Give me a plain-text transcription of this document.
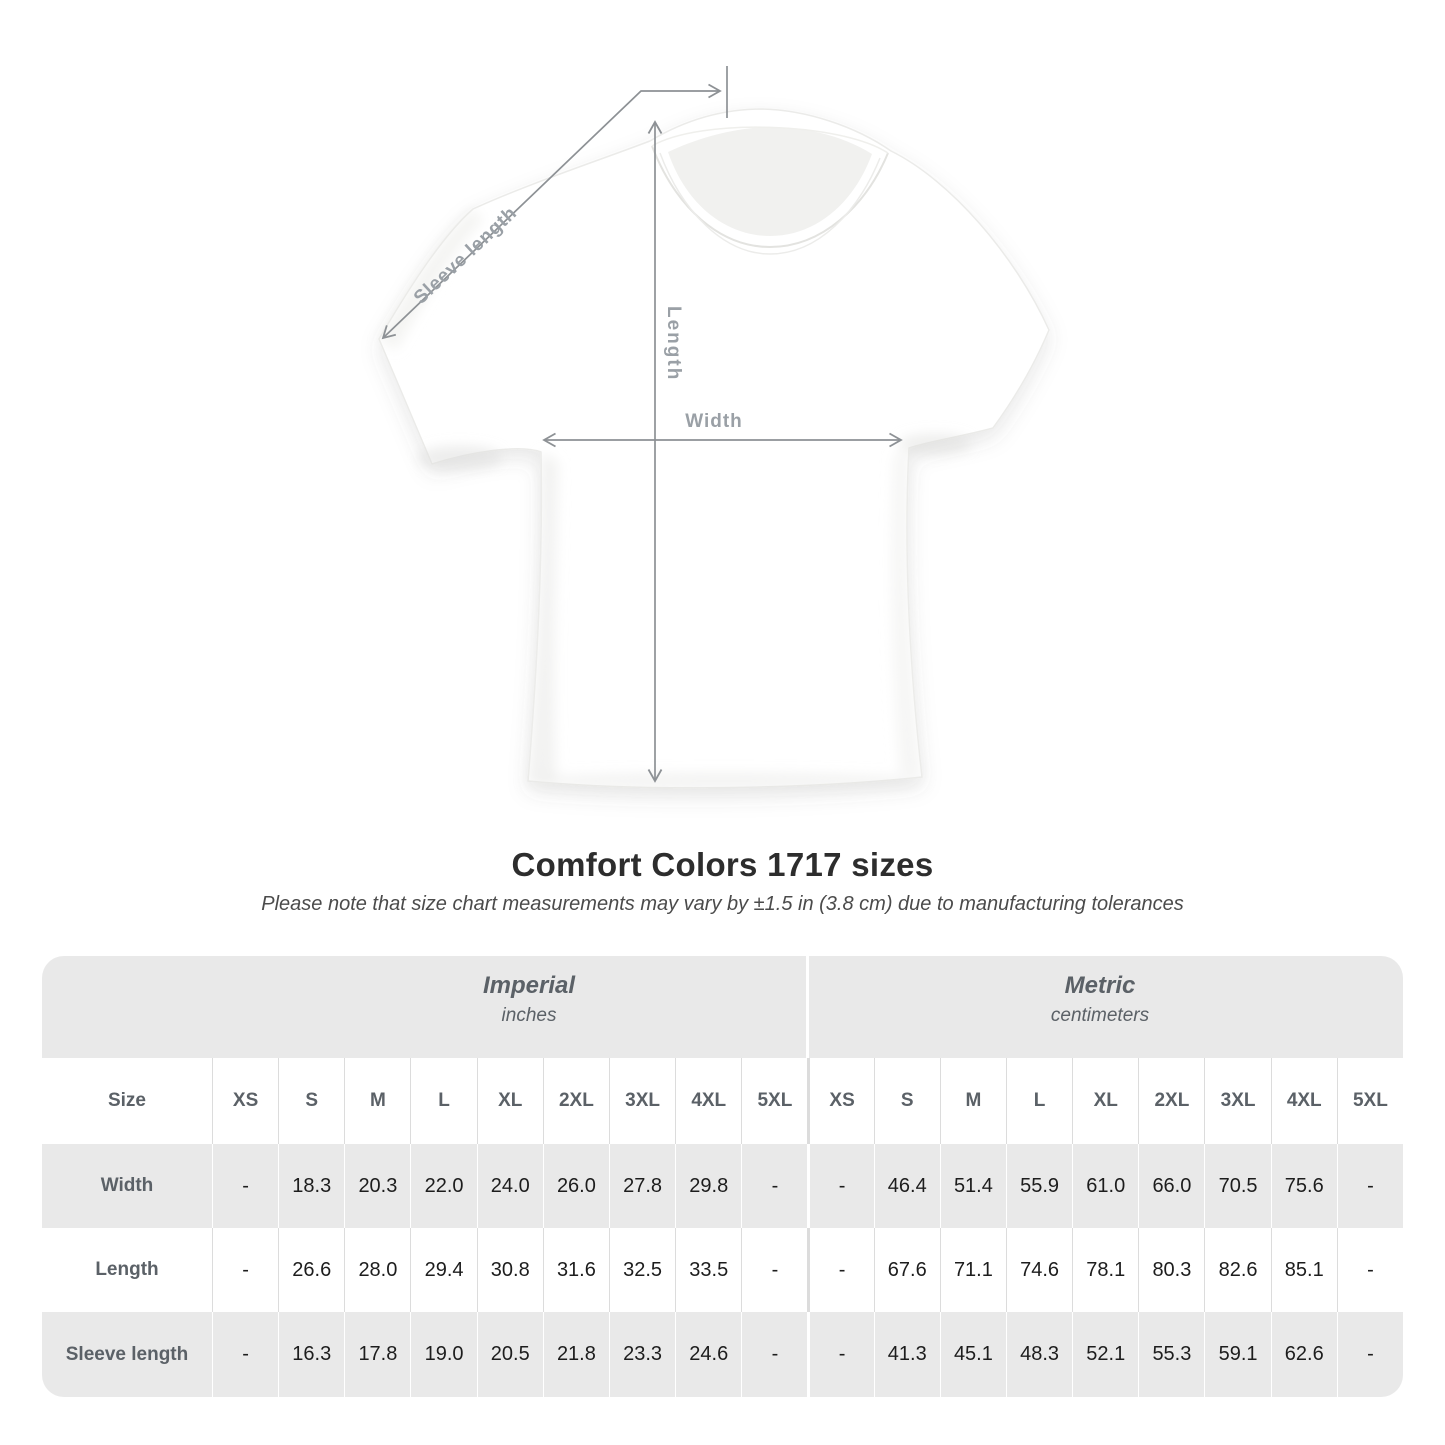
Sleeve length
Length
Width
Comfort Colors 1717 sizes

Please note that size chart measurements may vary by ±1.5 in (3.8 cm) due to manufacturing tolerances

Imperial
inches
Metric
centimeters
Size	XS	S	M	L	XL	2XL	3XL	4XL	5XL	XS	S	M	L	XL	2XL	3XL	4XL	5XL
Width	-	18.3	20.3	22.0	24.0	26.0	27.8	29.8	-	-	46.4	51.4	55.9	61.0	66.0	70.5	75.6	-
Length	-	26.6	28.0	29.4	30.8	31.6	32.5	33.5	-	-	67.6	71.1	74.6	78.1	80.3	82.6	85.1	-
Sleeve length	-	16.3	17.8	19.0	20.5	21.8	23.3	24.6	-	-	41.3	45.1	48.3	52.1	55.3	59.1	62.6	-
